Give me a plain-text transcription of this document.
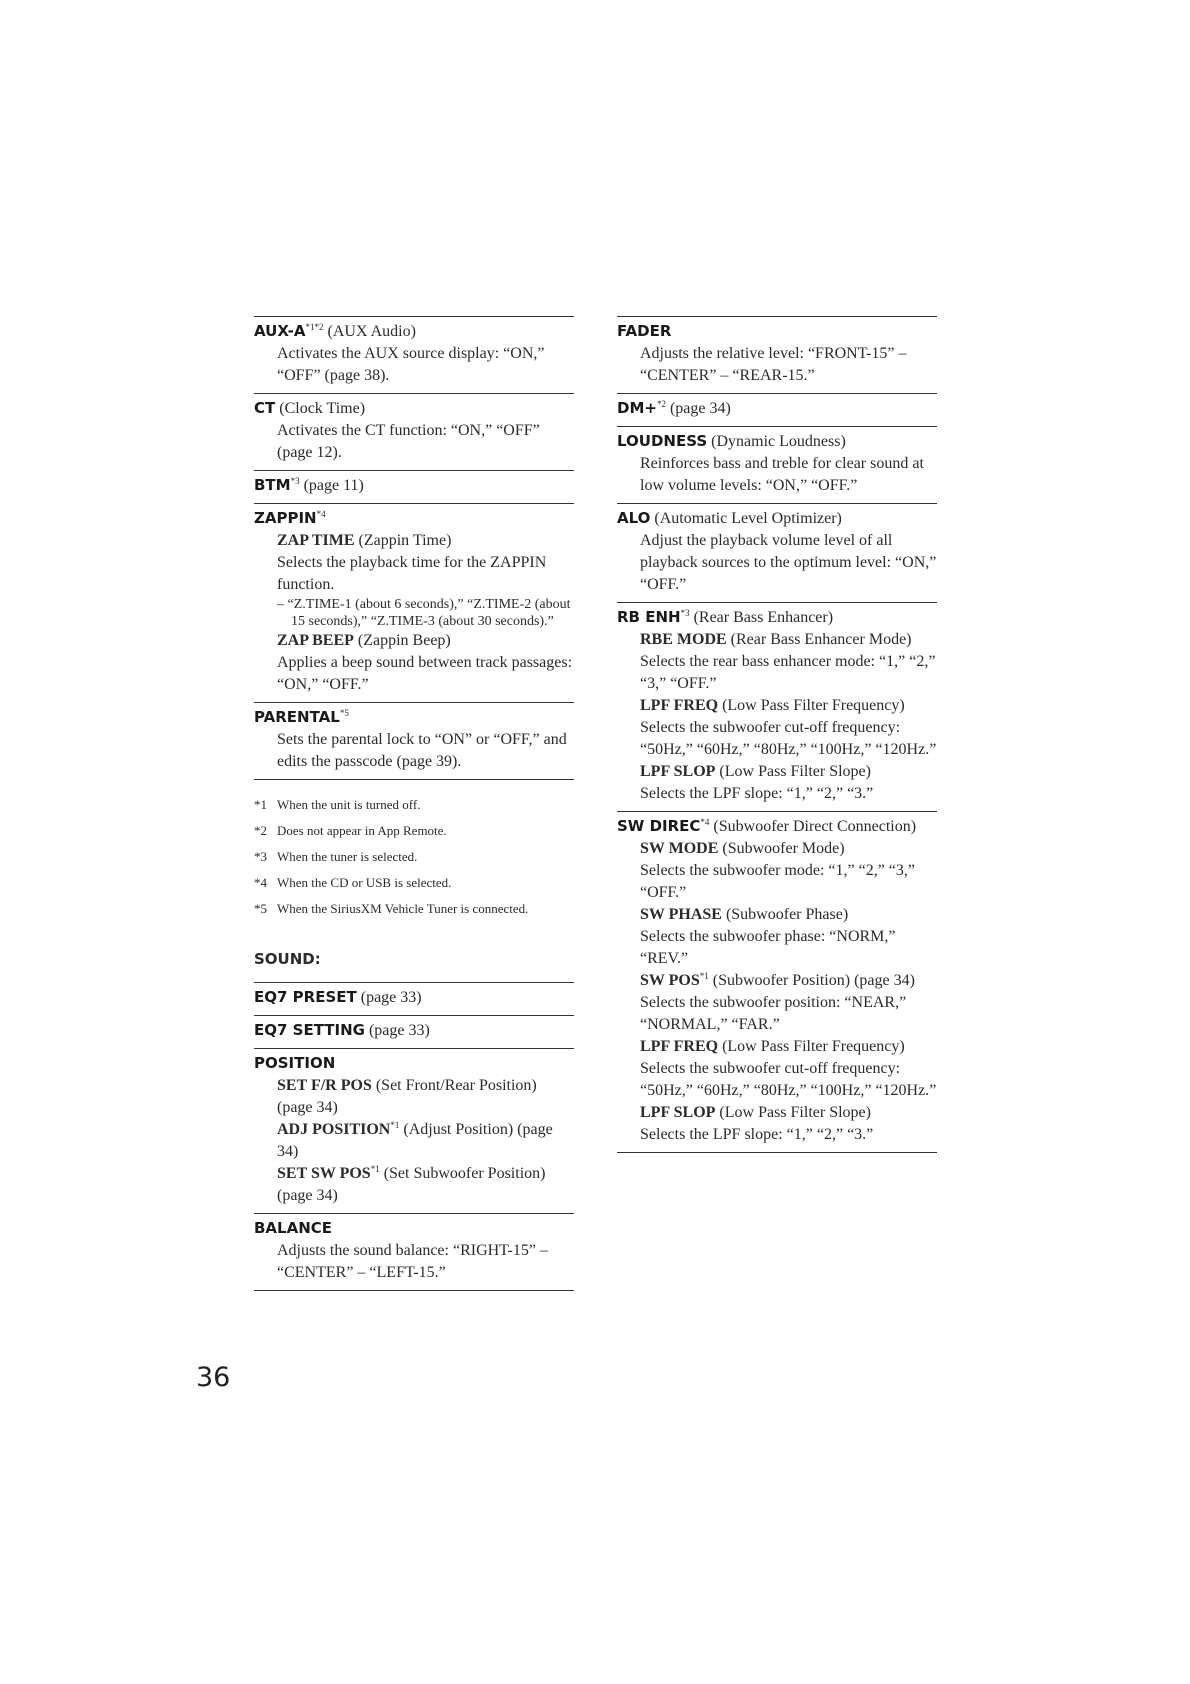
AUX-$A^{*1*2}$ (AUX Audio)
Activates the AUX source display: “ON,” “OFF” (page 38).
CT (Clock Time)
Activates the CT function: “ON,” “OFF” (page 12).
BTM$^{*3}$ (page 11)
ZAPPIN$^{*4}$
ZAP TIME (Zappin Time)
Selects the playback time for the ZAPPIN function.
– “Z.TIME-1 (about 6 seconds),” “Z.TIME-2 (about 15 seconds),” “Z.TIME-3 (about 30 seconds).”
ZAP BEEP (Zappin Beep)
Applies a beep sound between track passages: “ON,” “OFF.”
PARENTAL$^{*5}$
Sets the parental lock to “ON” or “OFF,” and edits the passcode (page 39).
*1 When the unit is turned off.
*2 Does not appear in App Remote.
*3 When the tuner is selected.
*4 When the CD or USB is selected.
*5 When the SiriusXM Vehicle Tuner is connected.
SOUND:
EQ7 PRESET (page 33)
EQ7 SETTING (page 33)
POSITION
SET F/R POS (Set Front/Rear Position) (page 34)
ADJ POSITION$^{*1}$ (Adjust Position) (page 34)
SET SW POS$^{*1}$ (Set Subwoofer Position) (page 34)
BALANCE
Adjusts the sound balance: “RIGHT-15” – “CENTER” – “LEFT-15.”
FADER
Adjusts the relative level: “FRONT-15” – “CENTER” – “REAR-15.”
DM+$^{*2}$ (page 34)
LOUDNESS (Dynamic Loudness)
Reinforces bass and treble for clear sound at low volume levels: “ON,” “OFF.”
ALO (Automatic Level Optimizer)
Adjust the playback volume level of all playback sources to the optimum level: “ON,” “OFF.”
RB ENH$^{*3}$ (Rear Bass Enhancer)
RBE MODE (Rear Bass Enhancer Mode)
Selects the rear bass enhancer mode: “1,” “2,” “3,” “OFF.”
LPF FREQ (Low Pass Filter Frequency)
Selects the subwoofer cut-off frequency: “50Hz,” “60Hz,” “80Hz,” “100Hz,” “120Hz.”
LPF SLOP (Low Pass Filter Slope)
Selects the LPF slope: “1,” “2,” “3.”
SW DIREC$^{*4}$ (Subwoofer Direct Connection)
SW MODE (Subwoofer Mode)
Selects the subwoofer mode: “1,” “2,” “3,” “OFF.”
SW PHASE (Subwoofer Phase)
Selects the subwoofer phase: “NORM,” “REV.”
SW POS$^{*1}$ (Subwoofer Position) (page 34)
Selects the subwoofer position: “NEAR,” “NORMAL,” “FAR.”
LPF FREQ (Low Pass Filter Frequency)
Selects the subwoofer cut-off frequency: “50Hz,” “60Hz,” “80Hz,” “100Hz,” “120Hz.”
LPF SLOP (Low Pass Filter Slope)
Selects the LPF slope: “1,” “2,” “3.”
36
